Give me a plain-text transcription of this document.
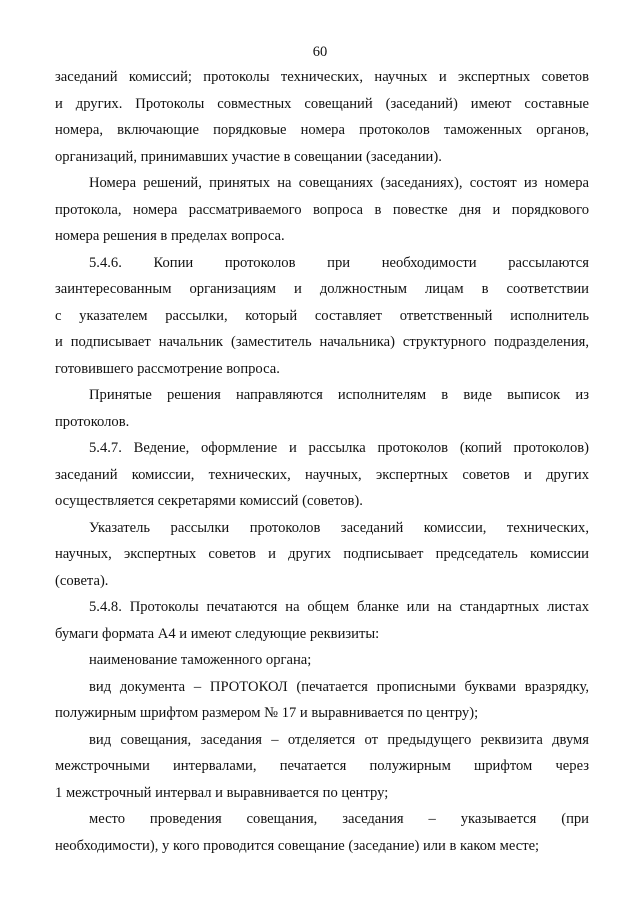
60
заседаний комиссий; протоколы технических, научных и экспертных советов
и других. Протоколы совместных совещаний (заседаний) имеют составные
номера, включающие порядковые номера протоколов таможенных органов,
организаций, принимавших участие в совещании (заседании).
Номера решений, принятых на совещаниях (заседаниях), состоят из номера
протокола, номера рассматриваемого вопроса в повестке дня и порядкового
номера решения в пределах вопроса.
5.4.6. Копии протоколов при необходимости рассылаются
заинтересованным организациям и должностным лицам в соответствии
с указателем рассылки, который составляет ответственный исполнитель
и подписывает начальник (заместитель начальника) структурного подразделения,
готовившего рассмотрение вопроса.
Принятые решения направляются исполнителям в виде выписок из
протоколов.
5.4.7. Ведение, оформление и рассылка протоколов (копий протоколов)
заседаний комиссии, технических, научных, экспертных советов и других
осуществляется секретарями комиссий (советов).
Указатель рассылки протоколов заседаний комиссии, технических,
научных, экспертных советов и других подписывает председатель комиссии
(совета).
5.4.8. Протоколы печатаются на общем бланке или на стандартных листах
бумаги формата А4 и имеют следующие реквизиты:
наименование таможенного органа;
вид документа – ПРОТОКОЛ (печатается прописными буквами вразрядку,
полужирным шрифтом размером № 17 и выравнивается по центру);
вид совещания, заседания – отделяется от предыдущего реквизита двумя
межстрочными интервалами, печатается полужирным шрифтом через
1 межстрочный интервал и выравнивается по центру;
место проведения совещания, заседания – указывается (при
необходимости), у кого проводится совещание (заседание) или в каком месте;
